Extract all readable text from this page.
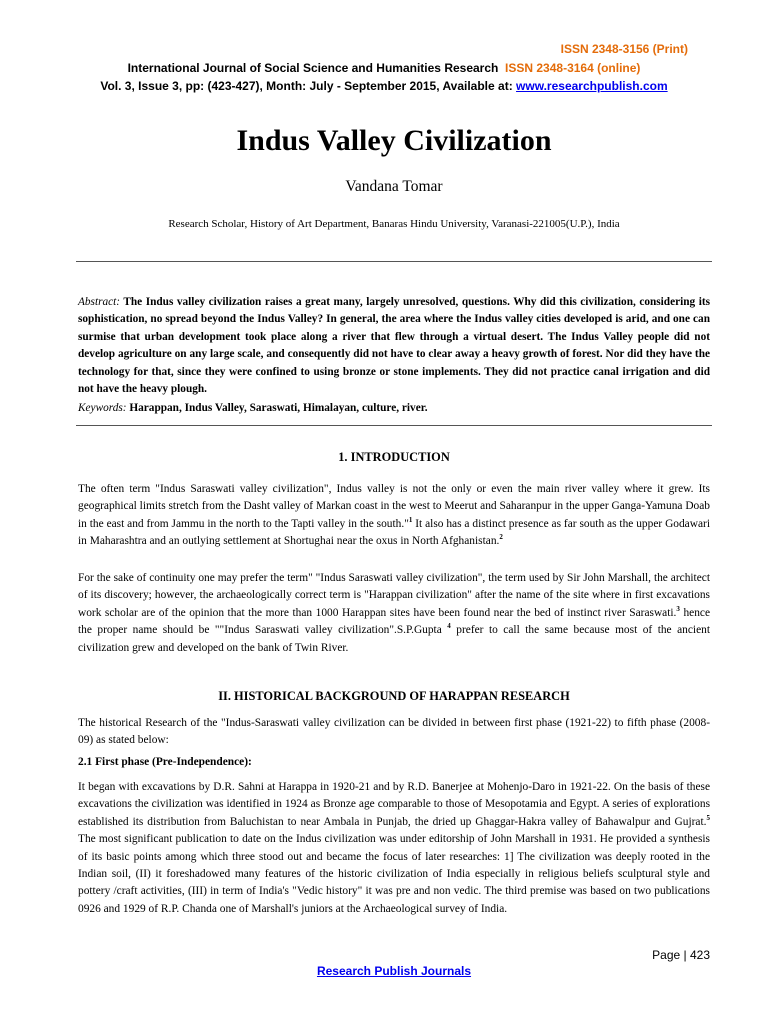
ISSN 2348-3156 (Print)
International Journal of Social Science and Humanities Research ISSN 2348-3164 (online)
Vol. 3, Issue 3, pp: (423-427), Month: July - September 2015, Available at: www.researchpublish.com
Indus Valley Civilization
Vandana Tomar
Research Scholar, History of Art Department, Banaras Hindu University, Varanasi-221005(U.P.), India
Abstract: The Indus valley civilization raises a great many, largely unresolved, questions. Why did this civilization, considering its sophistication, no spread beyond the Indus Valley? In general, the area where the Indus valley cities developed is arid, and one can surmise that urban development took place along a river that flew through a virtual desert. The Indus Valley people did not develop agriculture on any large scale, and consequently did not have to clear away a heavy growth of forest. Nor did they have the technology for that, since they were confined to using bronze or stone implements. They did not practice canal irrigation and did not have the heavy plough.
Keywords: Harappan, Indus Valley, Saraswati, Himalayan, culture, river.
1. INTRODUCTION

The often term "Indus Saraswati valley civilization", Indus valley is not the only or even the main river valley where it grew. Its geographical limits stretch from the Dasht valley of Markan coast in the west to Meerut and Saharanpur in the upper Ganga-Yamuna Doab in the east and from Jammu in the north to the Tapti valley in the south."$^1$ It also has a distinct presence as far south as the upper Godawari in Maharashtra and an outlying settlement at Shortughai near the oxus in North Afghanistan.$^2$

For the sake of continuity one may prefer the term" "Indus Saraswati valley civilization", the term used by Sir John Marshall, the architect of its discovery; however, the archaeologically correct term is "Harappan civilization" after the name of the site where in first excavations work scholar are of the opinion that the more than 1000 Harappan sites have been found near the bed of instinct river Saraswati.$^3$ hence the proper name should be ""Indus Saraswati valley civilization".S.P.Gupta $^4$ prefer to call the same because most of the ancient civilization grew and developed on the bank of Twin River.

II. HISTORICAL BACKGROUND OF HARAPPAN RESEARCH

The historical Research of the "Indus-Saraswati valley civilization can be divided in between first phase (1921-22) to fifth phase (2008-09) as stated below:

2.1 First phase (Pre-Independence):

It began with excavations by D.R. Sahni at Harappa in 1920-21 and by R.D. Banerjee at Mohenjo-Daro in 1921-22. On the basis of these excavations the civilization was identified in 1924 as Bronze age comparable to those of Mesopotamia and Egypt. A series of explorations established its distribution from Baluchistan to near Ambala in Punjab, the dried up Ghaggar-Hakra valley of Bahawalpur and Gujrat.$^5$ The most significant publication to date on the Indus civilization was under editorship of John Marshall in 1931. He provided a synthesis of its basic points among which three stood out and became the focus of later researches: 1] The civilization was deeply rooted in the Indian soil, (II) it foreshadowed many features of the historic civilization of India especially in religious beliefs sculptural style and pottery /craft activities, (III) in term of India's "Vedic history" it was pre and non vedic. The third premise was based on two publications 0926 and 1929 of R.P. Chanda one of Marshall's juniors at the Archaeological survey of India.

Page | 423
Research Publish Journals
